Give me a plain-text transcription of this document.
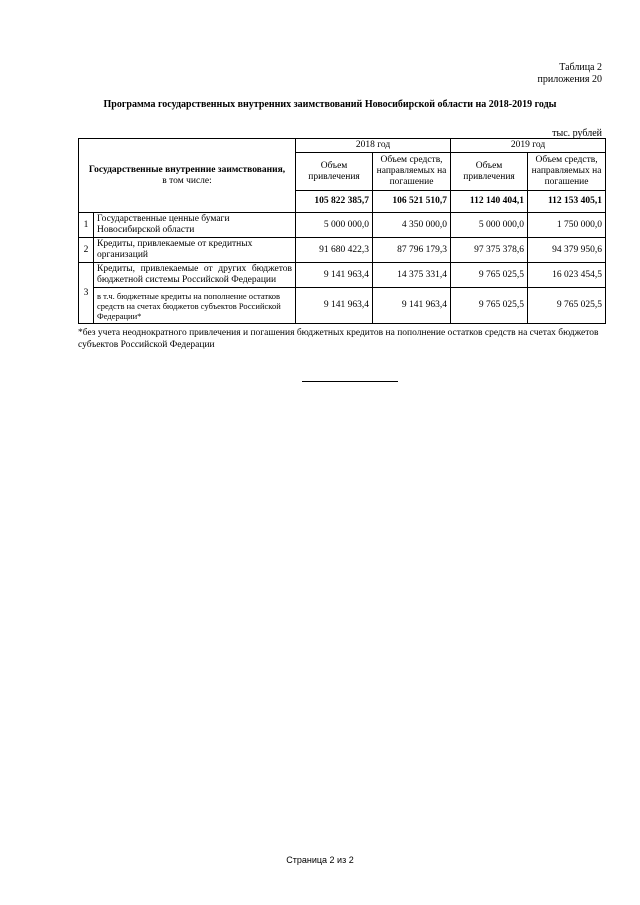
Таблица 2
приложения 20
Программа государственных внутренних заимствований Новосибирской области на 2018-2019 годы
тыс. рублей
Государственные внутренние заимствования,
в том числе:		2018 год		2019 год	
		Объем привлечения	Объем средств, направляемых на погашение	Объем привлечения	Объем средств, направляемых на погашение
		105 822 385,7	106 521 510,7	112 140 404,1	112 153 405,1
1	Государственные ценные бумаги Новосибирской области	5 000 000,0	4 350 000,0	5 000 000,0	1 750 000,0
2	Кредиты, привлекаемые от кредитных организаций	91 680 422,3	87 796 179,3	97 375 378,6	94 379 950,6
3	Кредиты, привлекаемые от других бюджетов бюджетной системы Российской Федерации	9 141 963,4	14 375 331,4	9 765 025,5	16 023 454,5
	в т.ч. бюджетные кредиты на пополнение остатков средств на счетах бюджетов субъектов Российской Федерации*	9 141 963,4	9 141 963,4	9 765 025,5	9 765 025,5
*без учета неоднократного привлечения и погашения бюджетных кредитов на пополнение остатков средств на счетах бюджетов субъектов Российской Федерации
Страница 2 из 2
